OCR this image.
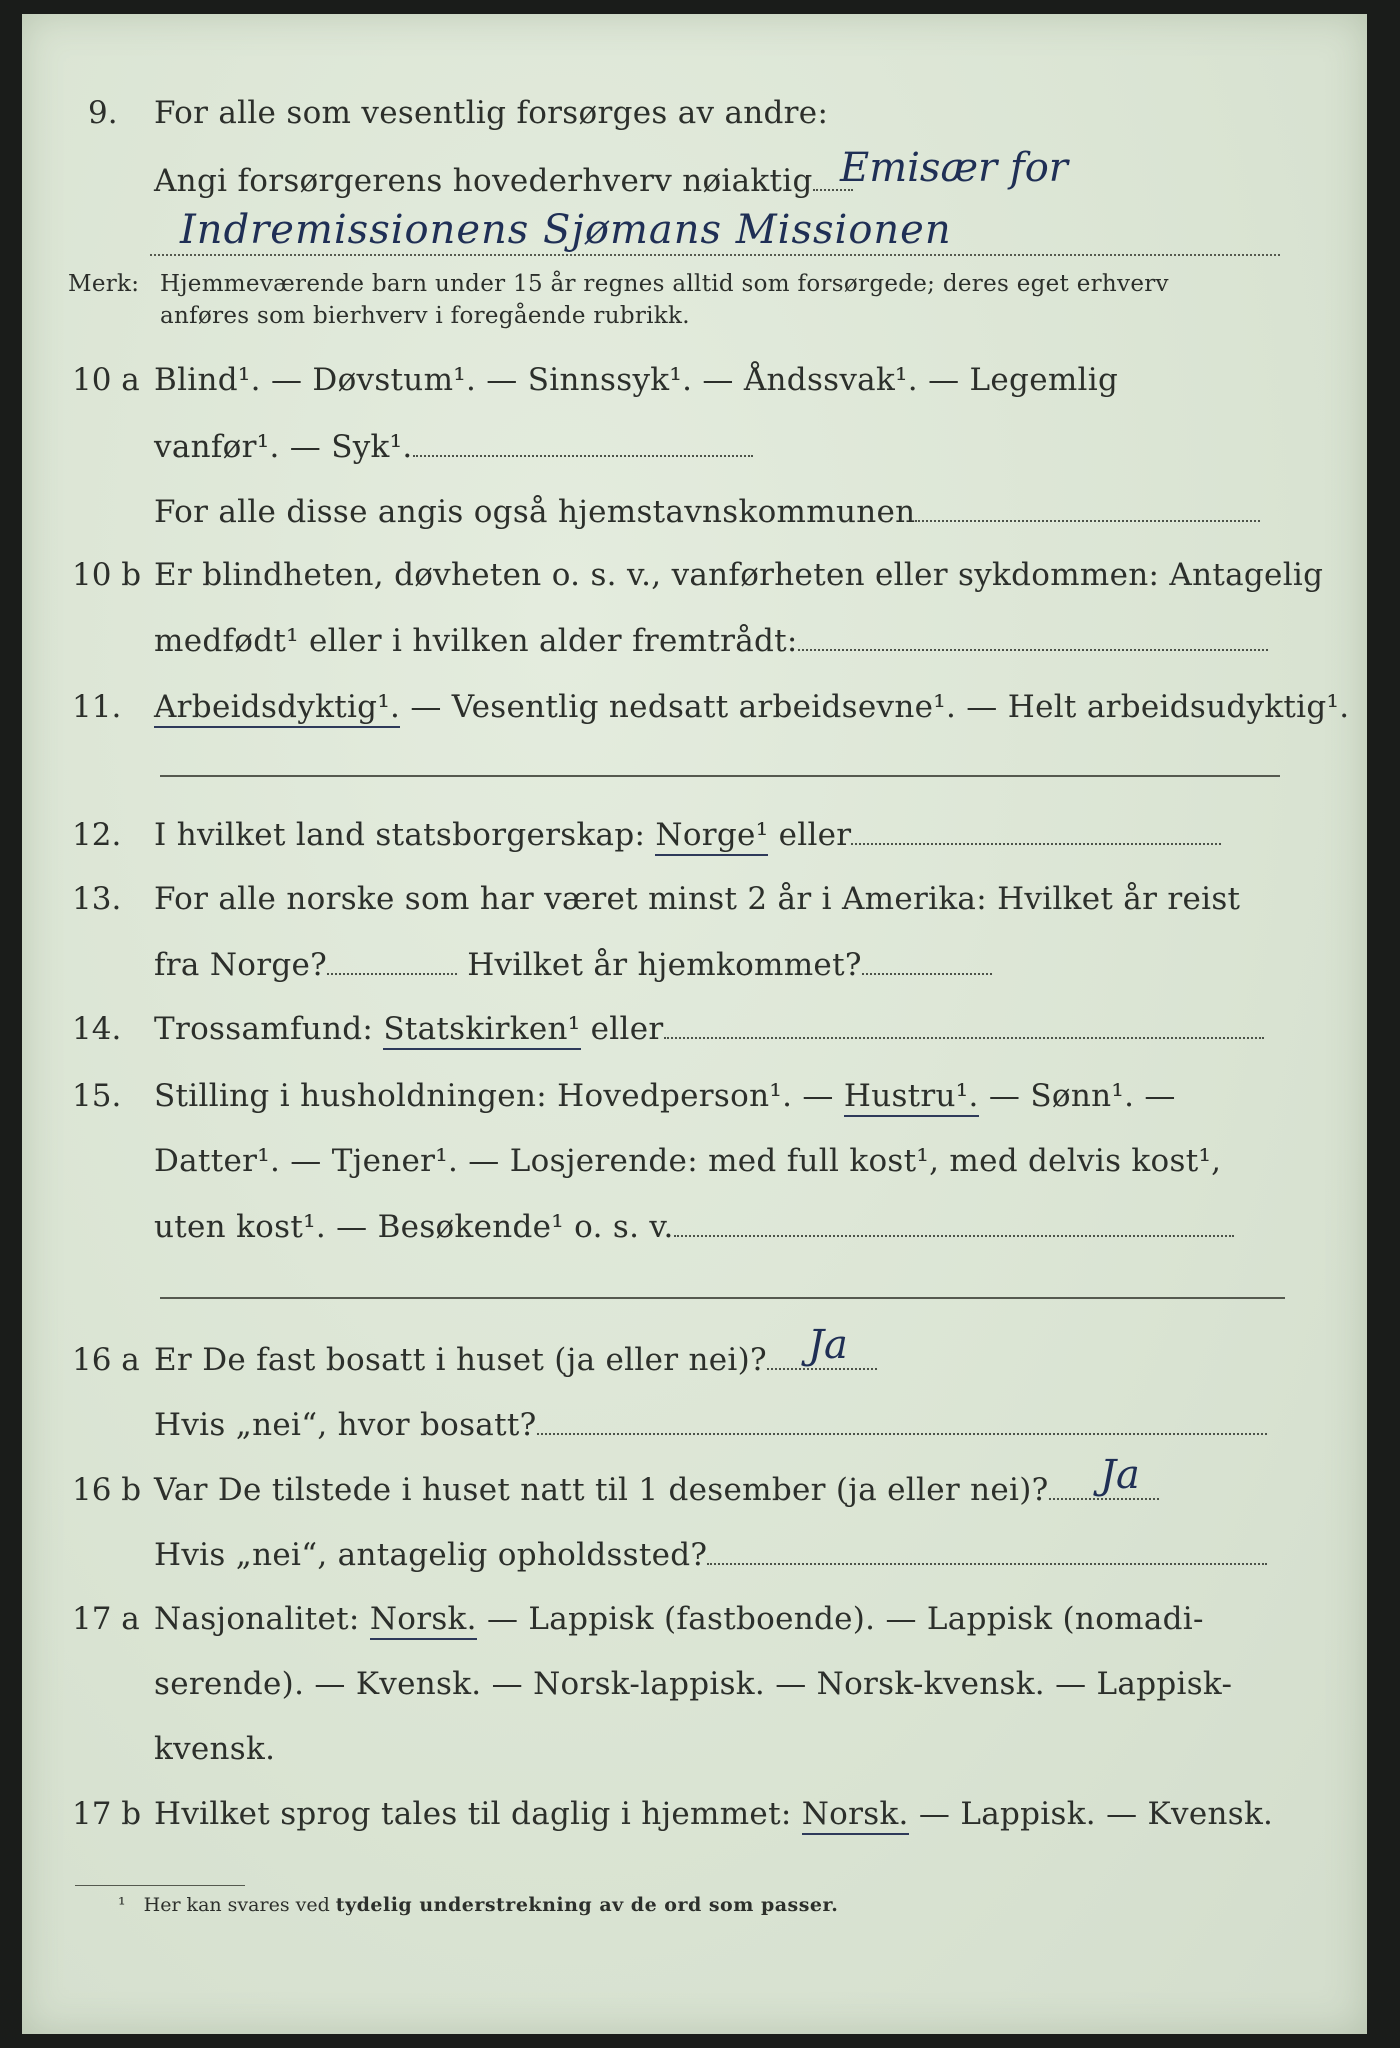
9. For alle som vesentlig forsørges av andre:
Angi forsørgerens hovederhverv nøiaktig Emisær for
Indremissionens Sjømans Missionen
Merk: Hjemmeværende barn under 15 år regnes alltid som forsørgede; deres eget erhverv
anføres som bierhverv i foregående rubrikk.
10 a Blind¹. — Døvstum¹. — Sinnssyk¹. — Åndssvak¹. — Legemlig
vanfør¹. — Syk¹.
For alle disse angis også hjemstavnskommunen
10 b Er blindheten, døvheten o. s. v., vanførheten eller sykdommen: Antagelig
medfødt¹ eller i hvilken alder fremtrådt:
11. Arbeidsdyktig¹. — Vesentlig nedsatt arbeidsevne¹. — Helt arbeidsudyktig¹.
12. I hvilket land statsborgerskap: Norge¹ eller
13. For alle norske som har været minst 2 år i Amerika: Hvilket år reist
fra Norge?	Hvilket år hjemkommet?
14. Trossamfund: Statskirken¹ eller
15. Stilling i husholdningen: Hovedperson¹. — Hustru¹. — Sønn¹. —
Datter¹. — Tjener¹. — Losjerende: med full kost¹, med delvis kost¹,
uten kost¹. — Besøkende¹ o. s. v.
16 a Er De fast bosatt i huset (ja eller nei)?	Ja
Hvis „nei“, hvor bosatt?
16 b Var De tilstede i huset natt til 1 desember (ja eller nei)?	Ja
Hvis „nei“, antagelig opholdssted?
17 a Nasjonalitet: Norsk. — Lappisk (fastboende). — Lappisk (nomadi-
serende). — Kvensk. — Norsk-lappisk. — Norsk-kvensk. — Lappisk-
kvensk.
17 b Hvilket sprog tales til daglig i hjemmet: Norsk. — Lappisk. — Kvensk.
¹ Her kan svares ved tydelig understrekning av de ord som passer.
